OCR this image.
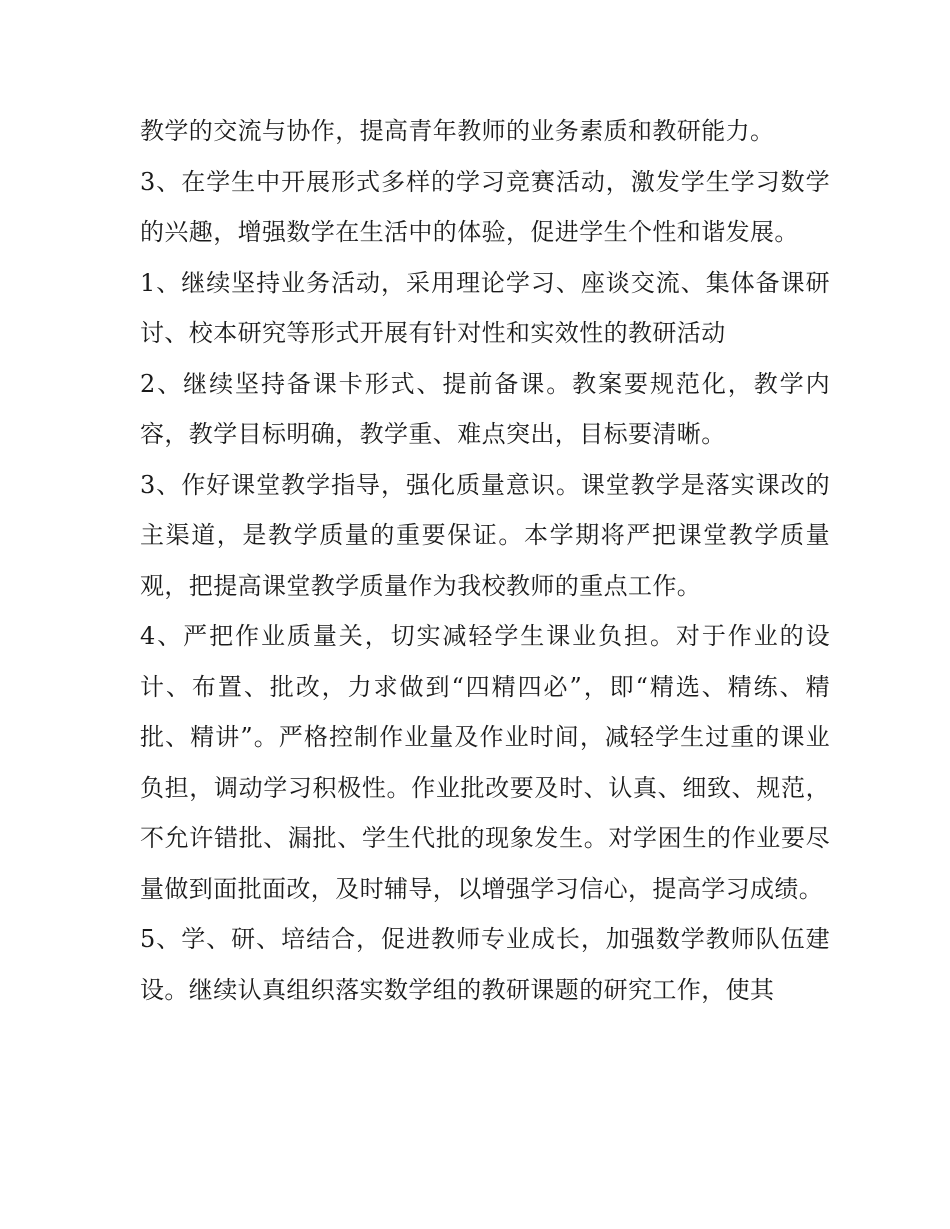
教学的交流与协作，提高青年教师的业务素质和教研能力。

3、在学生中开展形式多样的学习竞赛活动，激发学生学习数学的兴趣，增强数学在生活中的体验，促进学生个性和谐发展。

1、继续坚持业务活动，采用理论学习、座谈交流、集体备课研讨、校本研究等形式开展有针对性和实效性的教研活动

2、继续坚持备课卡形式、提前备课。教案要规范化，教学内容，教学目标明确，教学重、难点突出，目标要清晰。

3、作好课堂教学指导，强化质量意识。课堂教学是落实课改的主渠道，是教学质量的重要保证。本学期将严把课堂教学质量观，把提高课堂教学质量作为我校教师的重点工作。

4、严把作业质量关，切实减轻学生课业负担。对于作业的设计、布置、批改，力求做到“四精四必”，即“精选、精练、精批、精讲”。严格控制作业量及作业时间，减轻学生过重的课业负担，调动学习积极性。作业批改要及时、认真、细致、规范，不允许错批、漏批、学生代批的现象发生。对学困生的作业要尽量做到面批面改，及时辅导，以增强学习信心，提高学习成绩。

5、学、研、培结合，促进教师专业成长，加强数学教师队伍建设。继续认真组织落实数学组的教研课题的研究工作，使其
